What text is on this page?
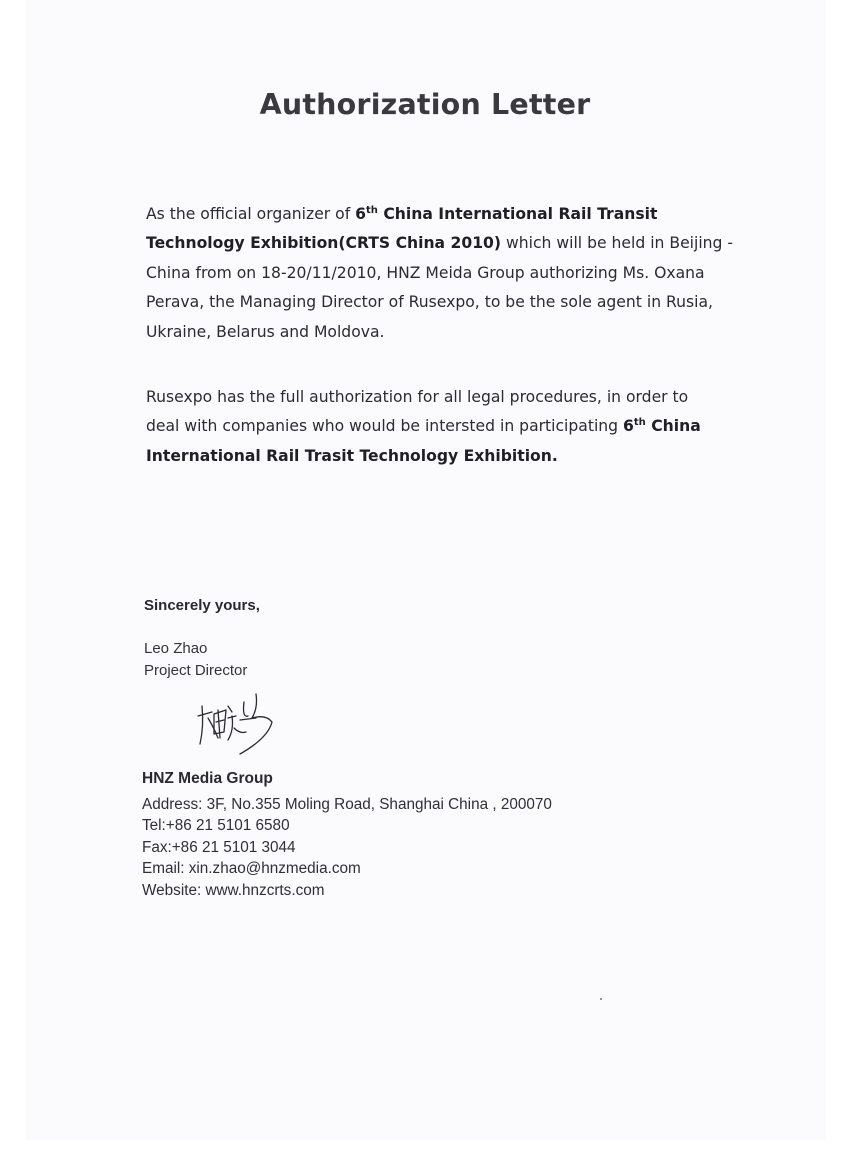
Authorization Letter
As the official organizer of 6th China International Rail Transit
Technology Exhibition(CRTS China 2010) which will be held in Beijing -
China from on 18-20/11/2010, HNZ Meida Group authorizing Ms. Oxana
Perava, the Managing Director of Rusexpo, to be the sole agent in Rusia,
Ukraine, Belarus and Moldova.
Rusexpo has the full authorization for all legal procedures, in order to
deal with companies who would be intersted in participating 6th China
International Rail Trasit Technology Exhibition.
Sincerely yours,
Leo Zhao
Project Director
HNZ Media Group
Address: 3F, No.355 Moling Road, Shanghai China , 200070
Tel:+86 21 5101 6580
Fax:+86 21 5101 3044
Email: xin.zhao@hnzmedia.com
Website: www.hnzcrts.com
